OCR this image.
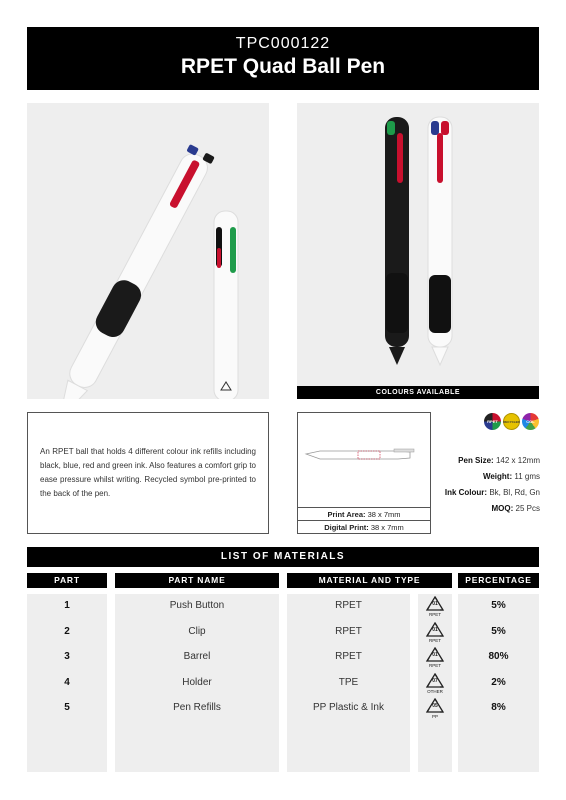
TPC000122
RPET Quad Ball Pen
COLOURS AVAILABLE
An RPET ball that holds 4 different colour ink refills including black, blue, red and green ink. Also features a comfort grip to ease pressure whilst writing. Recycled symbol pre-printed to the back of the pen.
Print Area: 38 x 7mm
Digital Print: 38 x 7mm
RPET RECYCLED COL
Pen Size: 142 x 12mm
Weight: 11 gms
Ink Colour: Bk, Bl, Rd, Gn
MOQ: 25 Pcs
LIST OF MATERIALS
PART	PART NAME	MATERIAL AND TYPE	PERCENTAGE
1	Push Button	RPET	5%
01
RPET
2	Clip	RPET	5%
01
RPET
3	Barrel	RPET	80%
01
RPET
4	Holder	TPE	2%
07
OTHER
5	Pen Refills	PP Plastic & Ink	8%
05
PP
